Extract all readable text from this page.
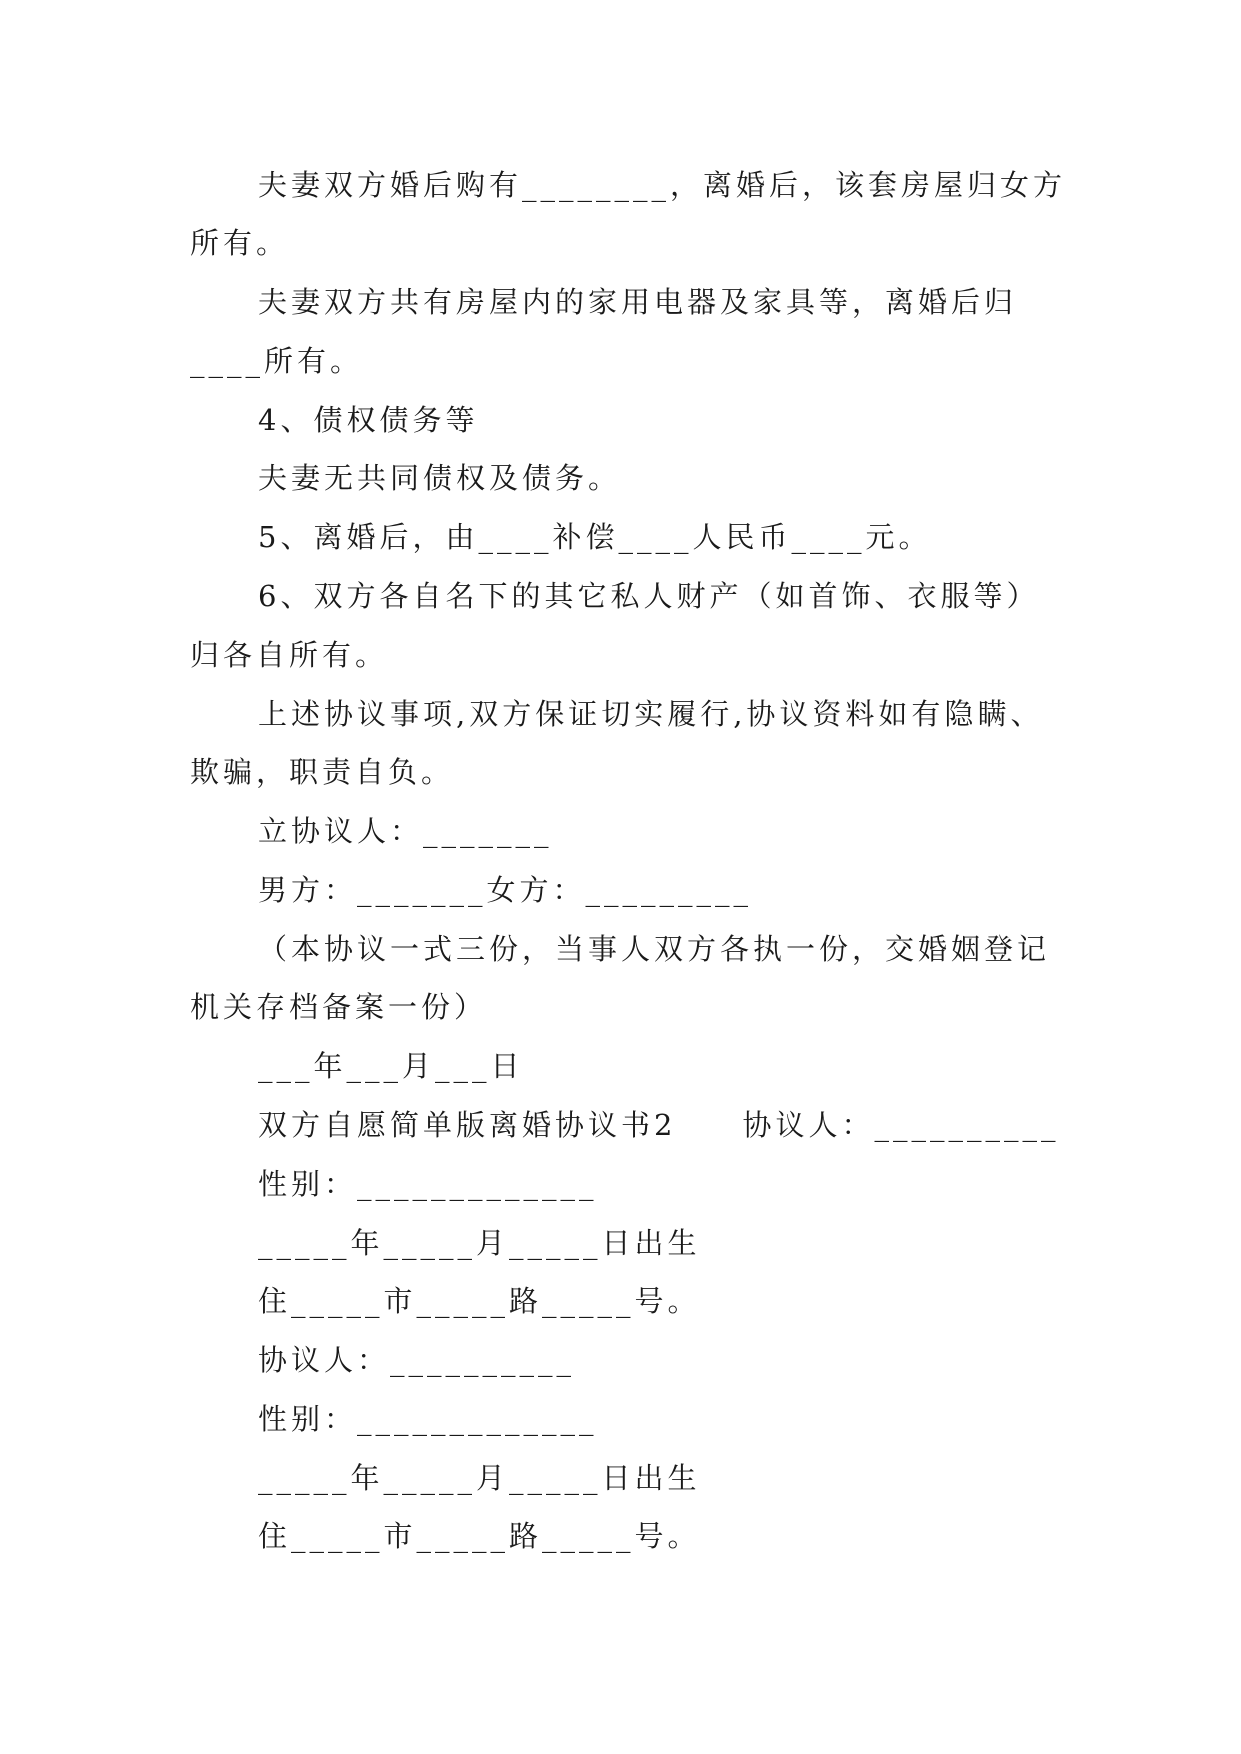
夫妻双方婚后购有________，离婚后，该套房屋归女方
所有。
夫妻双方共有房屋内的家用电器及家具等，离婚后归
____所有。
4、债权债务等
夫妻无共同债权及债务。
5、离婚后，由____补偿____人民币____元。
6、双方各自名下的其它私人财产（如首饰、衣服等）
归各自所有。
上述协议事项,双方保证切实履行,协议资料如有隐瞒、
欺骗，职责自负。
立协议人：_______
男方：_______女方：_________
（本协议一式三份，当事人双方各执一份，交婚姻登记
机关存档备案一份）
___年___月___日
双方自愿简单版离婚协议书2　　协议人：__________
性别：_____________
_____年_____月_____日出生
住_____市_____路_____号。
协议人：__________
性别：_____________
_____年_____月_____日出生
住_____市_____路_____号。
